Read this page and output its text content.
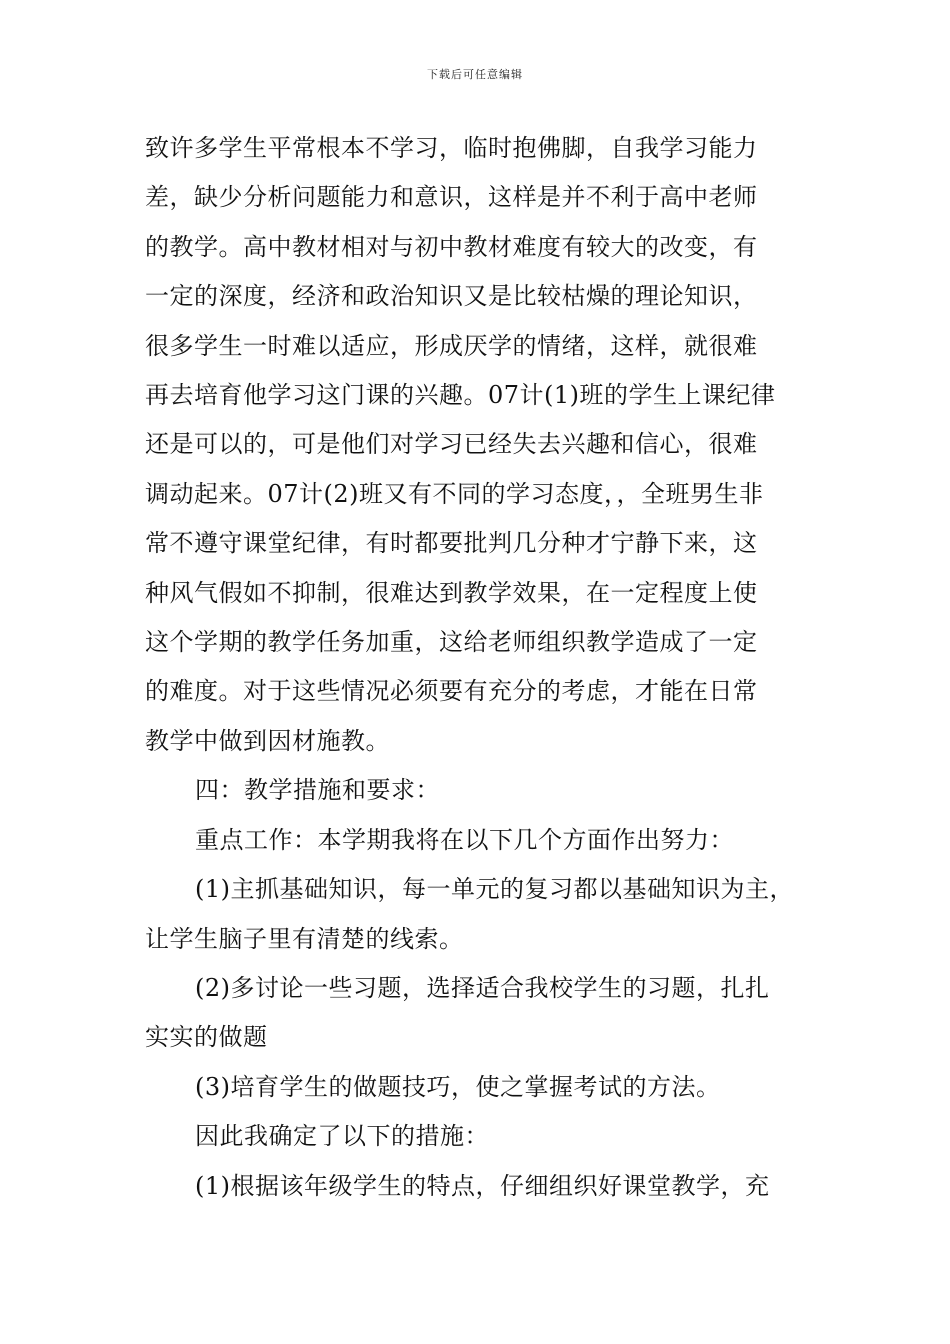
下载后可任意编辑
致许多学生平常根本不学习，临时抱佛脚，自我学习能力
差，缺少分析问题能力和意识，这样是并不利于高中老师
的教学。高中教材相对与初中教材难度有较大的改变，有
一定的深度，经济和政治知识又是比较枯燥的理论知识，
很多学生一时难以适应，形成厌学的情绪，这样，就很难
再去培育他学习这门课的兴趣。07计(1)班的学生上课纪律
还是可以的，可是他们对学习已经失去兴趣和信心，很难
调动起来。07计(2)班又有不同的学习态度，，全班男生非
常不遵守课堂纪律，有时都要批判几分种才宁静下来，这
种风气假如不抑制，很难达到教学效果，在一定程度上使
这个学期的教学任务加重，这给老师组织教学造成了一定
的难度。对于这些情况必须要有充分的考虑，才能在日常
教学中做到因材施教。
四：教学措施和要求：
重点工作：本学期我将在以下几个方面作出努力：
(1)主抓基础知识，每一单元的复习都以基础知识为主，
让学生脑子里有清楚的线索。
(2)多讨论一些习题，选择适合我校学生的习题，扎扎
实实的做题
(3)培育学生的做题技巧，使之掌握考试的方法。
因此我确定了以下的措施：
(1)根据该年级学生的特点，仔细组织好课堂教学，充
